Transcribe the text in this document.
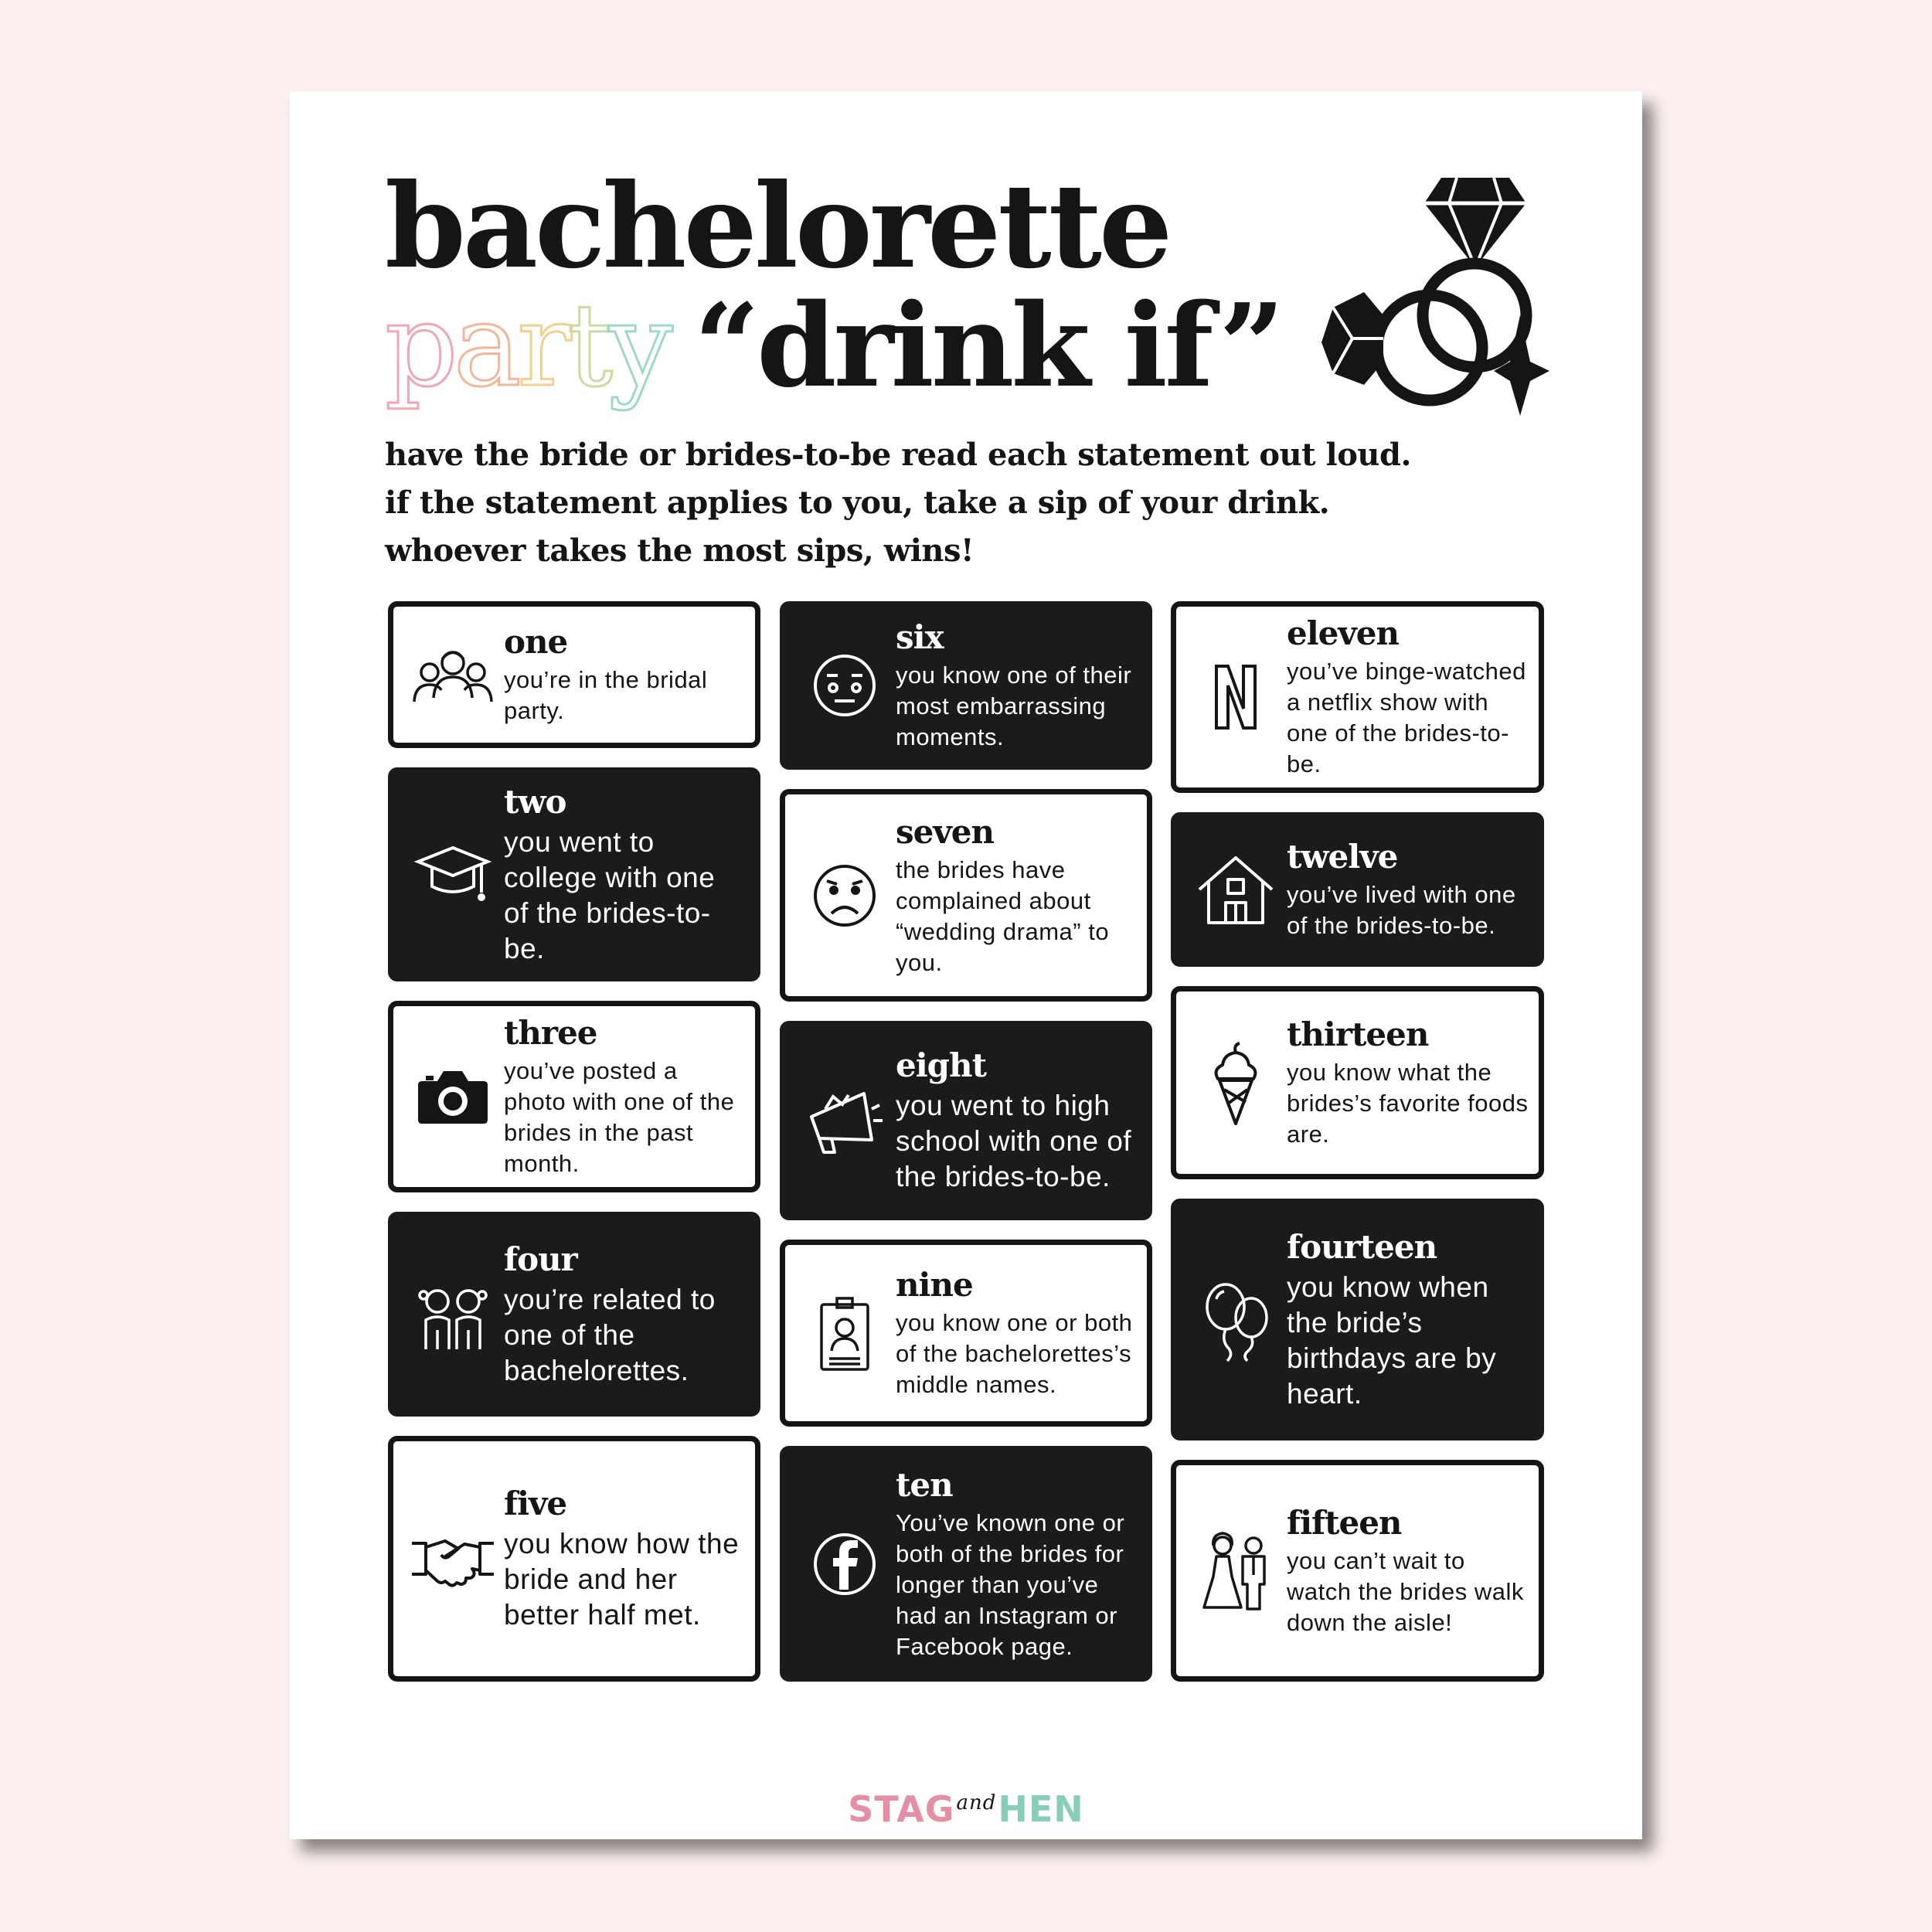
bachelorette
party “drink if”
have the bride or brides-to-be read each statement out loud.
if the statement applies to you, take a sip of your drink.
whoever takes the most sips, wins!
one
you’re in the bridal party.
two
you went to college with one of the brides-to-be.
three
you’ve posted a photo with one of the brides in the past month.
four
you’re related to one of the bachelorettes.
five
you know how the bride and her better half met.
six
you know one of their most embarrassing moments.
seven
the brides have complained about “wedding drama” to you.
eight
you went to high school with one of the brides-to-be.
nine
you know one or both of the bachelorettes’s middle names.
ten
You’ve known one or both of the brides for longer than you’ve had an Instagram or Facebook page.
eleven
you’ve binge-watched a netflix show with one of the brides-to-be.
twelve
you’ve lived with one of the brides-to-be.
thirteen
you know what the brides’s favorite foods are.
fourteen
you know when the bride’s birthdays are by heart.
fifteen
you can’t wait to watch the brides walk down the aisle!
$STAG^{and}HEN$
